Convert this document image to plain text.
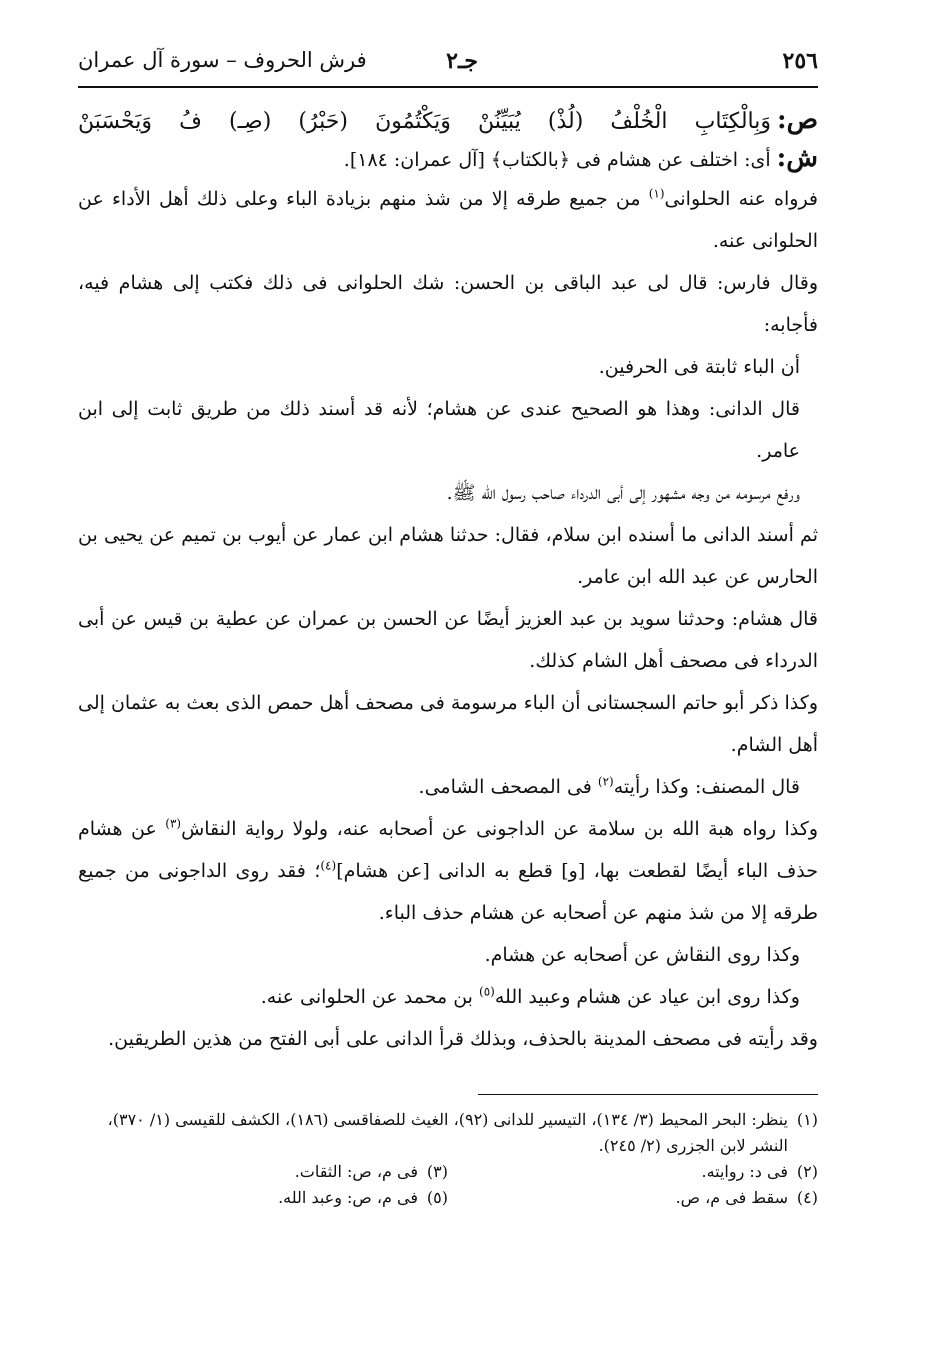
٢٥٦
جـ٢
فرش الحروف – سورة آل عمران
ص:وَبِالْكِتَابِ الْخُلْفُ (لُذْ) يُبَيِّنُنْ وَيَكْتُمُونَ (حَبْرُ) (صِـ) فُ وَيَحْسَبَنْ
ش:أى: اختلف عن هشام فى ﴿بالكتاب﴾ [آل عمران: ١٨٤].

فرواه عنه الحلوانى$^{(١)}$ من جميع طرقه إلا من شذ منهم بزيادة الباء وعلى ذلك أهل الأداء عن الحلوانى عنه.

وقال فارس: قال لى عبد الباقى بن الحسن: شك الحلوانى فى ذلك فكتب إلى هشام فيه، فأجابه:

أن الباء ثابتة فى الحرفين.

قال الدانى: وهذا هو الصحيح عندى عن هشام؛ لأنه قد أسند ذلك من طريق ثابت إلى ابن عامر.

ورفع مرسومه من وجه مشهور إلى أبى الدرداء صاحب رسول الله ﷺ.

ثم أسند الدانى ما أسنده ابن سلام، فقال: حدثنا هشام ابن عمار عن أيوب بن تميم عن يحيى بن الحارس عن عبد الله ابن عامر.

قال هشام: وحدثنا سويد بن عبد العزيز أيضًا عن الحسن بن عمران عن عطية بن قيس عن أبى الدرداء فى مصحف أهل الشام كذلك.

وكذا ذكر أبو حاتم السجستانى أن الباء مرسومة فى مصحف أهل حمص الذى بعث به عثمان إلى أهل الشام.

قال المصنف: وكذا رأيته$^{(٢)}$ فى المصحف الشامى.

وكذا رواه هبة الله بن سلامة عن الداجونى عن أصحابه عنه، ولولا رواية النقاش$^{(٣)}$ عن هشام حذف الباء أيضًا لقطعت بها، [و] قطع به الدانى [عن هشام]$^{(٤)}$؛ فقد روى الداجونى من جميع طرقه إلا من شذ منهم عن أصحابه عن هشام حذف الباء.

وكذا روى النقاش عن أصحابه عن هشام.

وكذا روى ابن عياد عن هشام وعبيد الله$^{(٥)}$ بن محمد عن الحلوانى عنه.

وقد رأيته فى مصحف المدينة بالحذف، وبذلك قرأ الدانى على أبى الفتح من هذين الطريقين.

(١)
ينظر: البحر المحيط (٣/ ١٣٤)، التيسير للدانى (٩٢)، الغيث للصفاقسى (١٨٦)، الكشف للقيسى (١/ ٣٧٠)، النشر لابن الجزرى (٢/ ٢٤٥).
(٢)
فى د: روايته.
(٣)
فى م، ص: الثقات.
(٤)
سقط فى م، ص.
(٥)
فى م، ص: وعبد الله.
